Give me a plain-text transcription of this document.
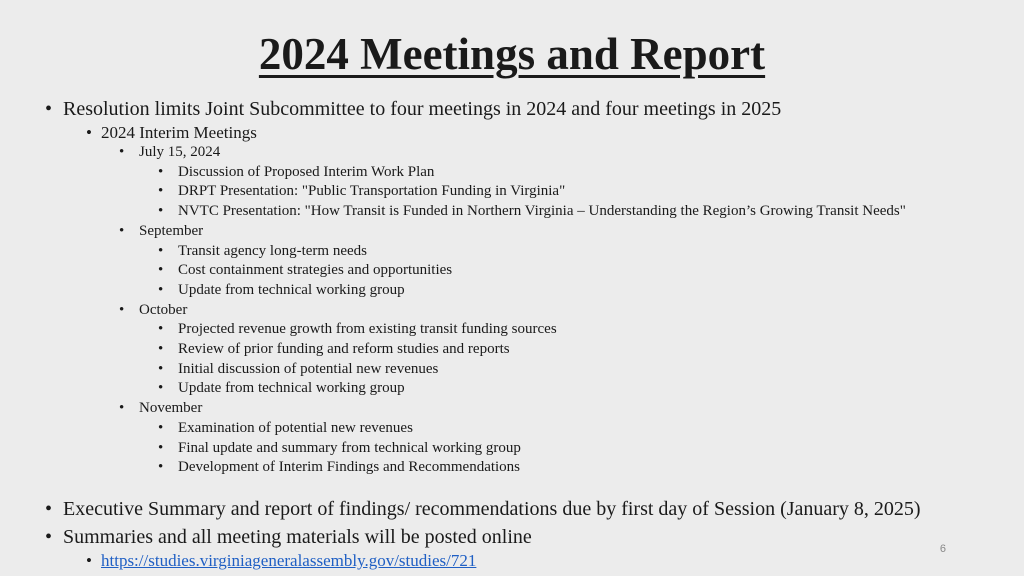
2024 Meetings and Report
• Resolution limits Joint Subcommittee to four meetings in 2024 and four meetings in 2025
• 2024 Interim Meetings
• July 15, 2024
• Discussion of Proposed Interim Work Plan
• DRPT Presentation: "Public Transportation Funding in Virginia"
• NVTC Presentation: "How Transit is Funded in Northern Virginia – Understanding the Region’s Growing Transit Needs"
• September
• Transit agency long-term needs
• Cost containment strategies and opportunities
• Update from technical working group
• October
• Projected revenue growth from existing transit funding sources
• Review of prior funding and reform studies and reports
• Initial discussion of potential new revenues
• Update from technical working group
• November
• Examination of potential new revenues
• Final update and summary from technical working group
• Development of Interim Findings and Recommendations
• Executive Summary and report of findings/ recommendations due by first day of Session (January 8, 2025)
• Summaries and all meeting materials will be posted online
• https://studies.virginiageneralassembly.gov/studies/721
6
